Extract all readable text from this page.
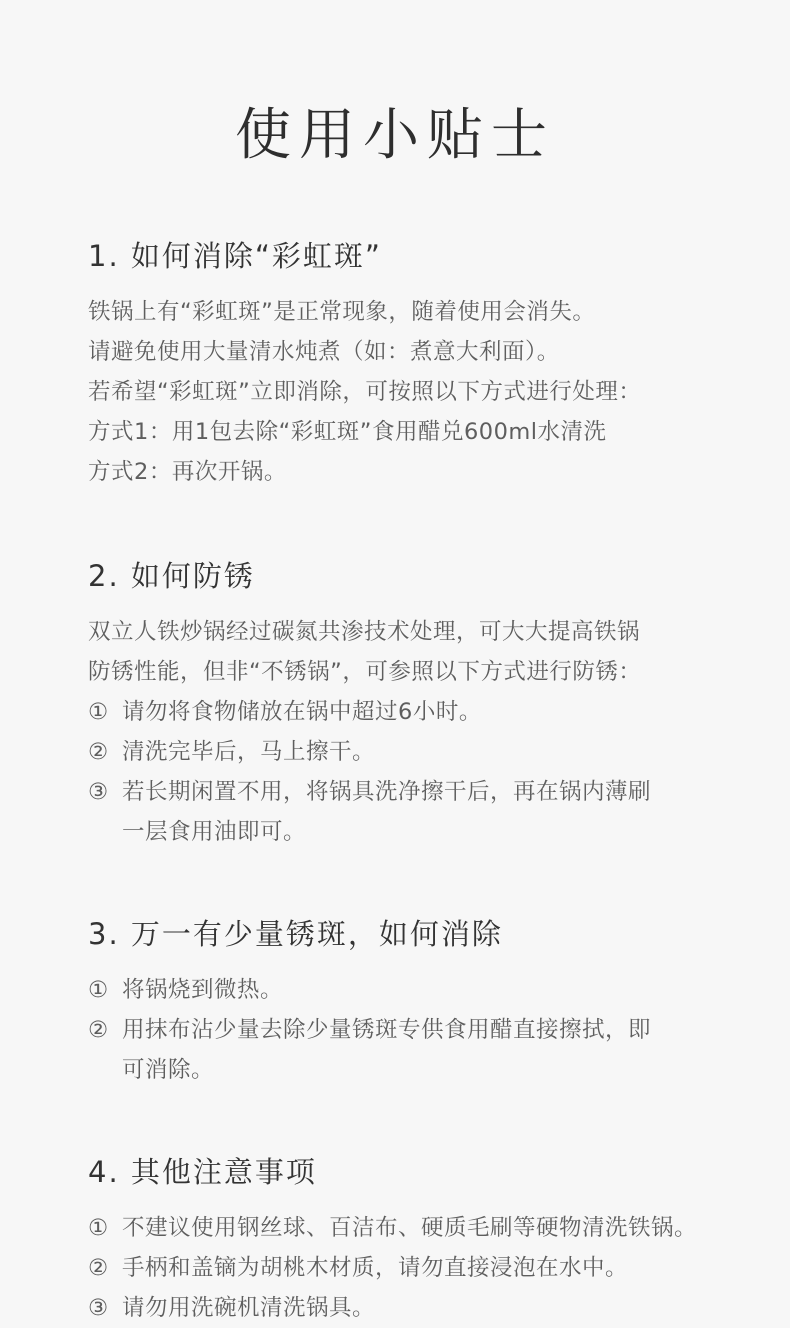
使用小贴士
1. 如何消除“彩虹斑”

铁锅上有“彩虹斑”是正常现象，随着使用会消失。

请避免使用大量清水炖煮（如：煮意大利面）。

若希望“彩虹斑”立即消除，可按照以下方式进行处理：

方式1：用1包去除“彩虹斑”食用醋兑600ml水清洗

方式2：再次开锅。

2. 如何防锈

双立人铁炒锅经过碳氮共渗技术处理，可大大提高铁锅

防锈性能，但非“不锈锅”，可参照以下方式进行防锈：

① 请勿将食物储放在锅中超过6小时。
② 清洗完毕后，马上擦干。
③ 若长期闲置不用，将锅具洗净擦干后，再在锅内薄刷
一层食用油即可。
3. 万一有少量锈斑，如何消除
① 将锅烧到微热。
② 用抹布沾少量去除少量锈斑专供食用醋直接擦拭，即
可消除。
4. 其他注意事项
① 不建议使用钢丝球、百洁布、硬质毛刷等硬物清洗铁锅。
② 手柄和盖镝为胡桃木材质，请勿直接浸泡在水中。
③ 请勿用洗碗机清洗锅具。
